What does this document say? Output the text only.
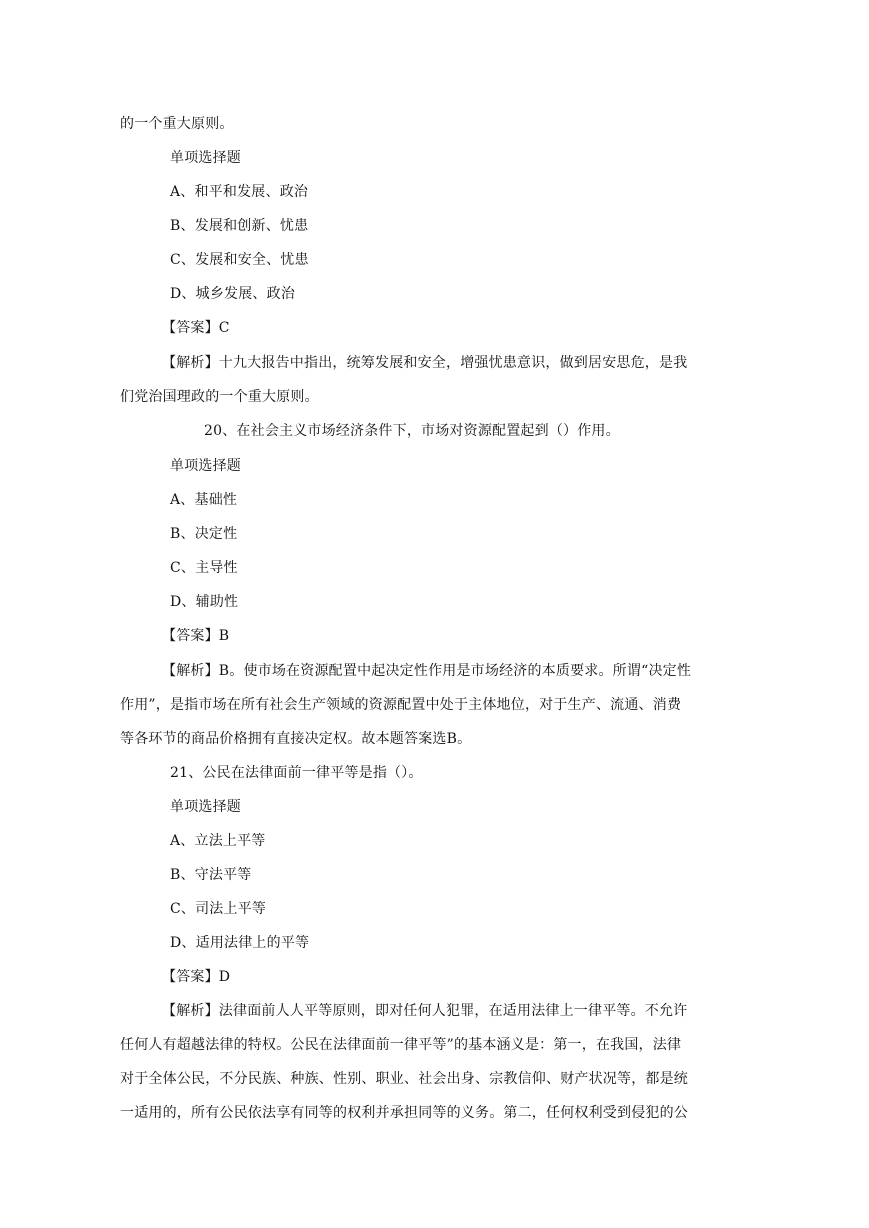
的一个重大原则。
单项选择题
A、和平和发展、政治
B、发展和创新、忧患
C、发展和安全、忧患
D、城乡发展、政治
【答案】C
【解析】十九大报告中指出，统筹发展和安全，增强忧患意识，做到居安思危，是我
们党治国理政的一个重大原则。
20、在社会主义市场经济条件下，市场对资源配置起到（）作用。
单项选择题
A、基础性
B、决定性
C、主导性
D、辅助性
【答案】B
【解析】B。使市场在资源配置中起决定性作用是市场经济的本质要求。所谓“决定性
作用”，是指市场在所有社会生产领域的资源配置中处于主体地位，对于生产、流通、消费
等各环节的商品价格拥有直接决定权。故本题答案选B。
21、公民在法律面前一律平等是指（）。
单项选择题
A、立法上平等
B、守法平等
C、司法上平等
D、适用法律上的平等
【答案】D
【解析】法律面前人人平等原则，即对任何人犯罪，在适用法律上一律平等。不允许
任何人有超越法律的特权。公民在法律面前一律平等”的基本涵义是：第一，在我国，法律
对于全体公民，不分民族、种族、性别、职业、社会出身、宗教信仰、财产状况等，都是统
一适用的，所有公民依法享有同等的权利并承担同等的义务。第二，任何权利受到侵犯的公
